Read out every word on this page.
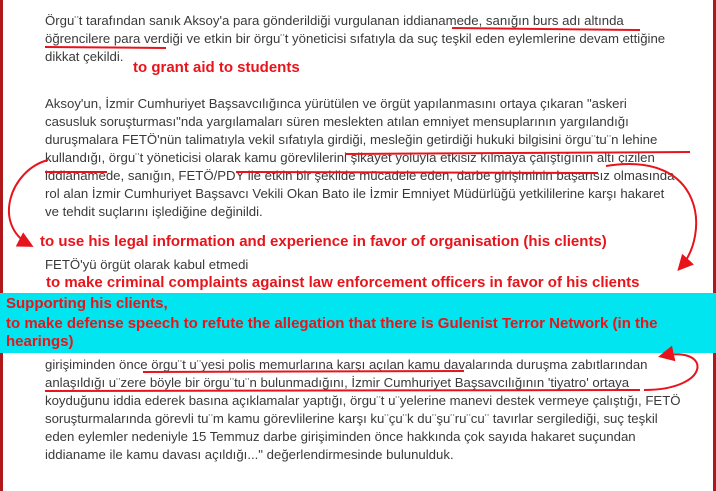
Örgu¨t tarafından sanık Aksoy'a para gönderildiği vurgulanan iddianamede, sanığın burs adı altında
öğrencilere para verdiği ve etkin bir örgu¨t yöneticisi sıfatıyla da suç teşkil eden eylemlerine devam ettiğine
dikkat çekildi.

to grant aid to students

Aksoy'un, İzmir Cumhuriyet Başsavcılığınca yürütülen ve örgüt yapılanmasını ortaya çıkaran "askeri
casusluk soruşturması"nda yargılamaları süren meslekten atılan emniyet mensuplarının yargılandığı
duruşmalara FETÖ'nün talimatıyla vekil sıfatıyla girdiği, mesleğin getirdiği hukuki bilgisini örgu¨tu¨n lehine
kullandığı, örgu¨t yöneticisi olarak kamu görevlilerini şikayet yoluyla etkisiz kılmaya çalıştığının altı çizilen
iddianamede, sanığın, FETÖ/PDY ile etkin bir şekilde mücadele eden, darbe girişiminin başarısız olmasında
rol alan İzmir Cumhuriyet Başsavcı Vekili Okan Bato ile İzmir Emniyet Müdürlüğü yetkililerine karşı hakaret
ve tehdit suçlarını işlediğine değinildi.

to use his legal information and experience in favor of organisation (his clients)

FETÖ'yü örgüt olarak kabul etmedi

to make criminal complaints against law enforcement officers in favor of his clients

Supporting his clients,

to make defense speech to refute the allegation that there is Gulenist Terror Network (in the hearings)

girişiminden önce örgu¨t u¨yesi polis memurlarına karşı açılan kamu davalarında duruşma zabıtlarından
anlaşıldığı u¨zere böyle bir örgu¨tu¨n bulunmadığını, İzmir Cumhuriyet Başsavcılığının 'tiyatro' ortaya
koyduğunu iddia ederek basına açıklamalar yaptığı, örgu¨t u¨yelerine manevi destek vermeye çalıştığı, FETÖ
soruşturmalarında görevli tu¨m kamu görevlilerine karşı ku¨çu¨k du¨şu¨ru¨cu¨ tavırlar sergilediği, suç teşkil
eden eylemler nedeniyle 15 Temmuz darbe girişiminden önce hakkında çok sayıda hakaret suçundan
iddianame ile kamu davası açıldığı..." değerlendirmesinde bulunulduk.
